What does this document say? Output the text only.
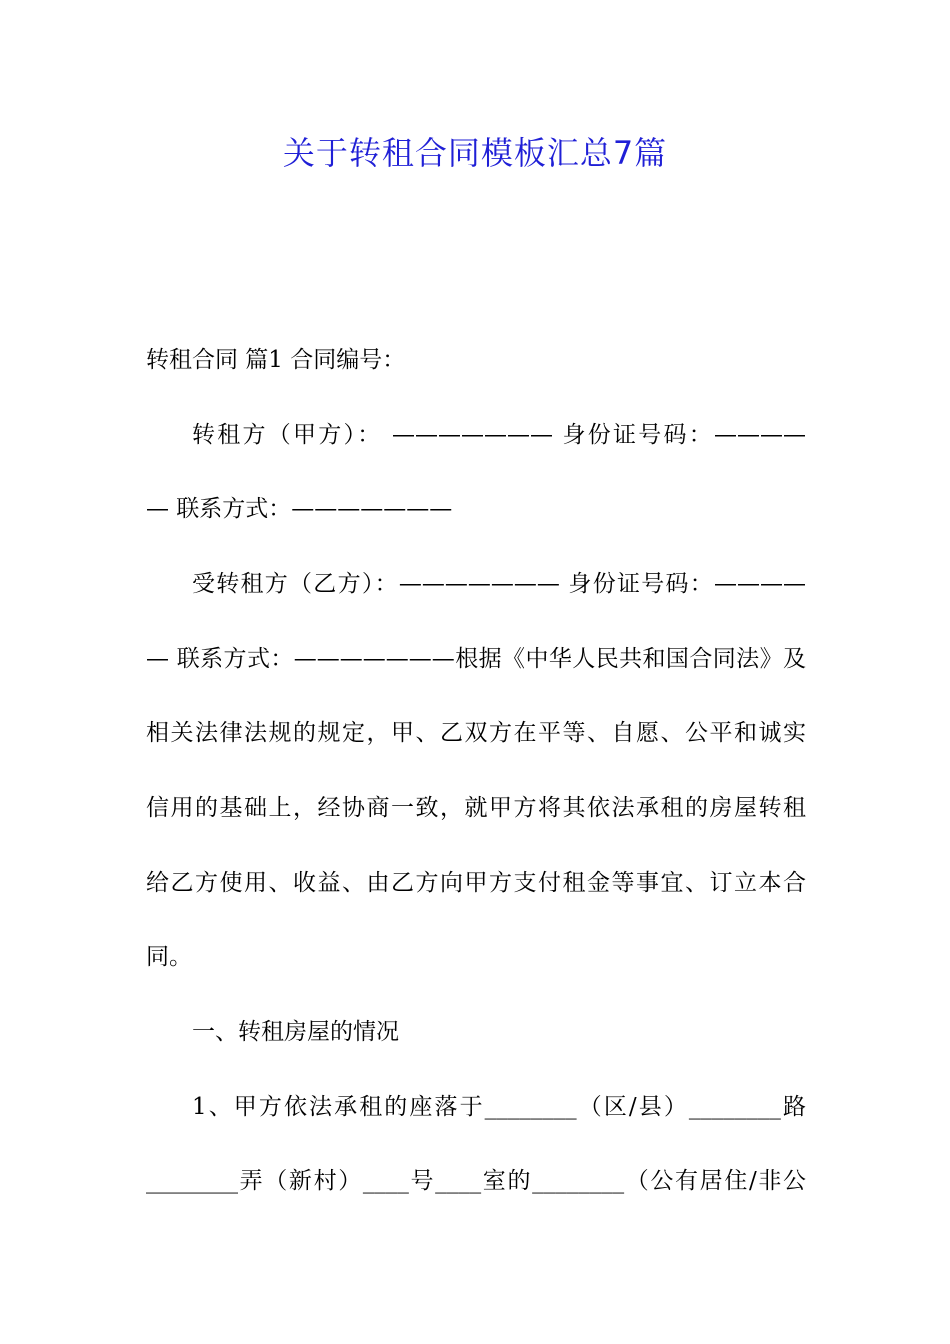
关于转租合同模板汇总7篇
转租合同 篇1 合同编号：
转租方（甲方）： ——————— 身份证号码：————
— 联系方式：———————
受转租方（乙方）：——————— 身份证号码：————
— 联系方式：———————根据《中华人民共和国合同法》及
相关法律法规的规定，甲、乙双方在平等、自愿、公平和诚实
信用的基础上，经协商一致，就甲方将其依法承租的房屋转租
给乙方使用、收益、由乙方向甲方支付租金等事宜、订立本合
同。
一、转租房屋的情况
1、甲方依法承租的座落于________（区/县）________路
________弄（新村）____号____室的________（公有居住/非公
